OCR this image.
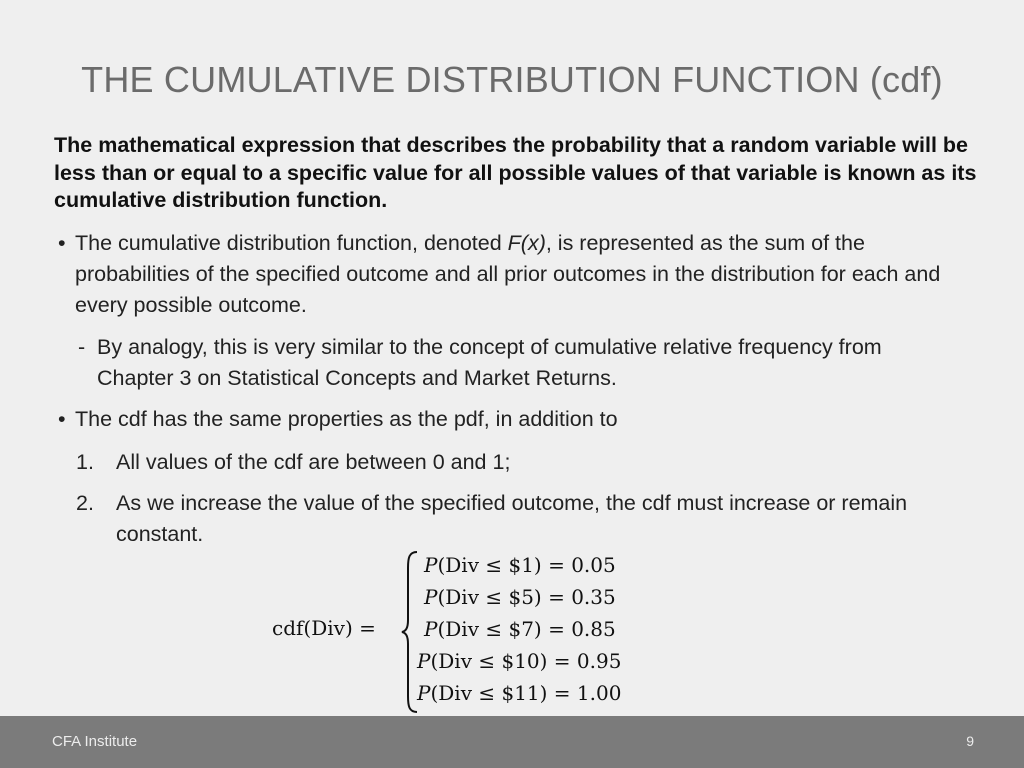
THE CUMULATIVE DISTRIBUTION FUNCTION (cdf)
The mathematical expression that describes the probability that a random variable will be less than or equal to a specific value for all possible values of that variable is known as its cumulative distribution function.
• The cumulative distribution function, denoted F(x), is represented as the sum of the probabilities of the specified outcome and all prior outcomes in the distribution for each and every possible outcome.
- By analogy, this is very similar to the concept of cumulative relative frequency from Chapter 3 on Statistical Concepts and Market Returns.
• The cdf has the same properties as the pdf, in addition to
1. All values of the cdf are between 0 and 1;
2. As we increase the value of the specified outcome, the cdf must increase or remain constant.
cdf(Div) =
P(Div ≤ $1) = 0.05
P(Div ≤ $5) = 0.35
P(Div ≤ $7) = 0.85
P(Div ≤ $10) = 0.95
P(Div ≤ $11) = 1.00
CFA Institute	9
